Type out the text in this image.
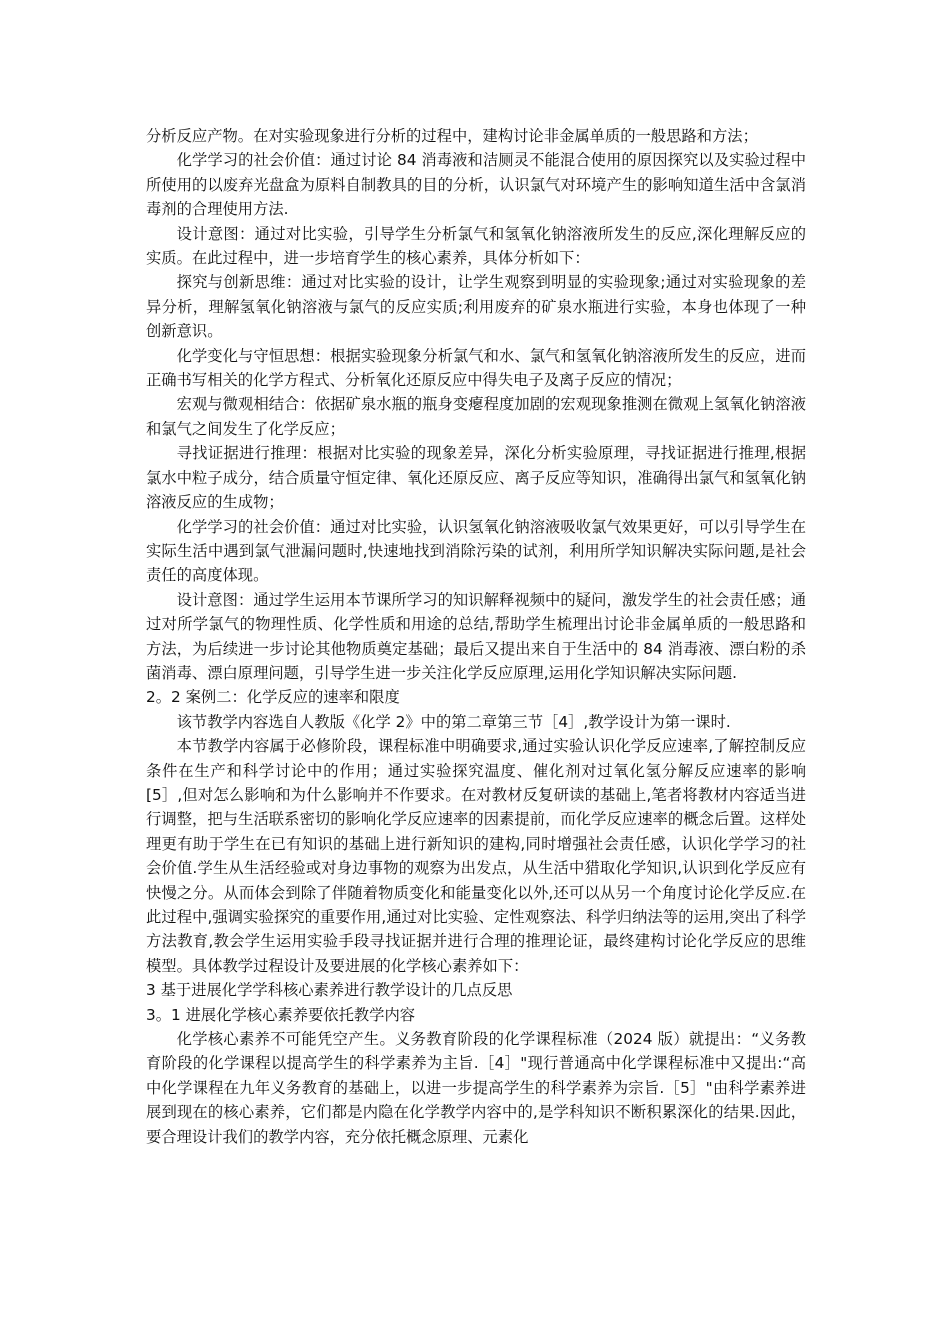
分析反应产物。在对实验现象进行分析的过程中，建构讨论非金属单质的一般思路和方法；

化学学习的社会价值：通过讨论 84 消毒液和洁厕灵不能混合使用的原因探究以及实验过程中所使用的以废弃光盘盒为原料自制教具的目的分析，认识氯气对环境产生的影响知道生活中含氯消毒剂的合理使用方法.

设计意图：通过对比实验，引导学生分析氯气和氢氧化钠溶液所发生的反应,深化理解反应的实质。在此过程中，进一步培育学生的核心素养，具体分析如下：

探究与创新思维：通过对比实验的设计，让学生观察到明显的实验现象;通过对实验现象的差异分析，理解氢氧化钠溶液与氯气的反应实质;利用废弃的矿泉水瓶进行实验，本身也体现了一种创新意识。

化学变化与守恒思想：根据实验现象分析氯气和水、氯气和氢氧化钠溶液所发生的反应，进而正确书写相关的化学方程式、分析氧化还原反应中得失电子及离子反应的情况；

宏观与微观相结合：依据矿泉水瓶的瓶身变瘪程度加剧的宏观现象推测在微观上氢氧化钠溶液和氯气之间发生了化学反应；

寻找证据进行推理：根据对比实验的现象差异，深化分析实验原理，寻找证据进行推理,根据氯水中粒子成分，结合质量守恒定律、氧化还原反应、离子反应等知识，准确得出氯气和氢氧化钠溶液反应的生成物；

化学学习的社会价值：通过对比实验，认识氢氧化钠溶液吸收氯气效果更好，可以引导学生在实际生活中遇到氯气泄漏问题时,快速地找到消除污染的试剂，利用所学知识解决实际问题,是社会责任的高度体现。

设计意图：通过学生运用本节课所学习的知识解释视频中的疑问，激发学生的社会责任感；通过对所学氯气的物理性质、化学性质和用途的总结,帮助学生梳理出讨论非金属单质的一般思路和方法，为后续进一步讨论其他物质奠定基础；最后又提出来自于生活中的 84 消毒液、漂白粉的杀菌消毒、漂白原理问题，引导学生进一步关注化学反应原理,运用化学知识解决实际问题.

2。2 案例二：化学反应的速率和限度

该节教学内容选自人教版《化学 2》中的第二章第三节［4］,教学设计为第一课时.

本节教学内容属于必修阶段，课程标准中明确要求,通过实验认识化学反应速率,了解控制反应条件在生产和科学讨论中的作用；通过实验探究温度、催化剂对过氧化氢分解反应速率的影响[5］,但对怎么影响和为什么影响并不作要求。在对教材反复研读的基础上,笔者将教材内容适当进行调整，把与生活联系密切的影响化学反应速率的因素提前，而化学反应速率的概念后置。这样处理更有助于学生在已有知识的基础上进行新知识的建构,同时增强社会责任感，认识化学学习的社会价值.学生从生活经验或对身边事物的观察为出发点，从生活中猎取化学知识,认识到化学反应有快慢之分。从而体会到除了伴随着物质变化和能量变化以外,还可以从另一个角度讨论化学反应.在此过程中,强调实验探究的重要作用,通过对比实验、定性观察法、科学归纳法等的运用,突出了科学方法教育,教会学生运用实验手段寻找证据并进行合理的推理论证，最终建构讨论化学反应的思维模型。具体教学过程设计及要进展的化学核心素养如下：

3 基于进展化学学科核心素养进行教学设计的几点反思

3。1 进展化学核心素养要依托教学内容

化学核心素养不可能凭空产生。义务教育阶段的化学课程标准（2024 版）就提出：“义务教育阶段的化学课程以提高学生的科学素养为主旨.［4］"现行普通高中化学课程标准中又提出:“高中化学课程在九年义务教育的基础上，以进一步提高学生的科学素养为宗旨.［5］"由科学素养进展到现在的核心素养，它们都是内隐在化学教学内容中的,是学科知识不断积累深化的结果.因此，要合理设计我们的教学内容，充分依托概念原理、元素化
